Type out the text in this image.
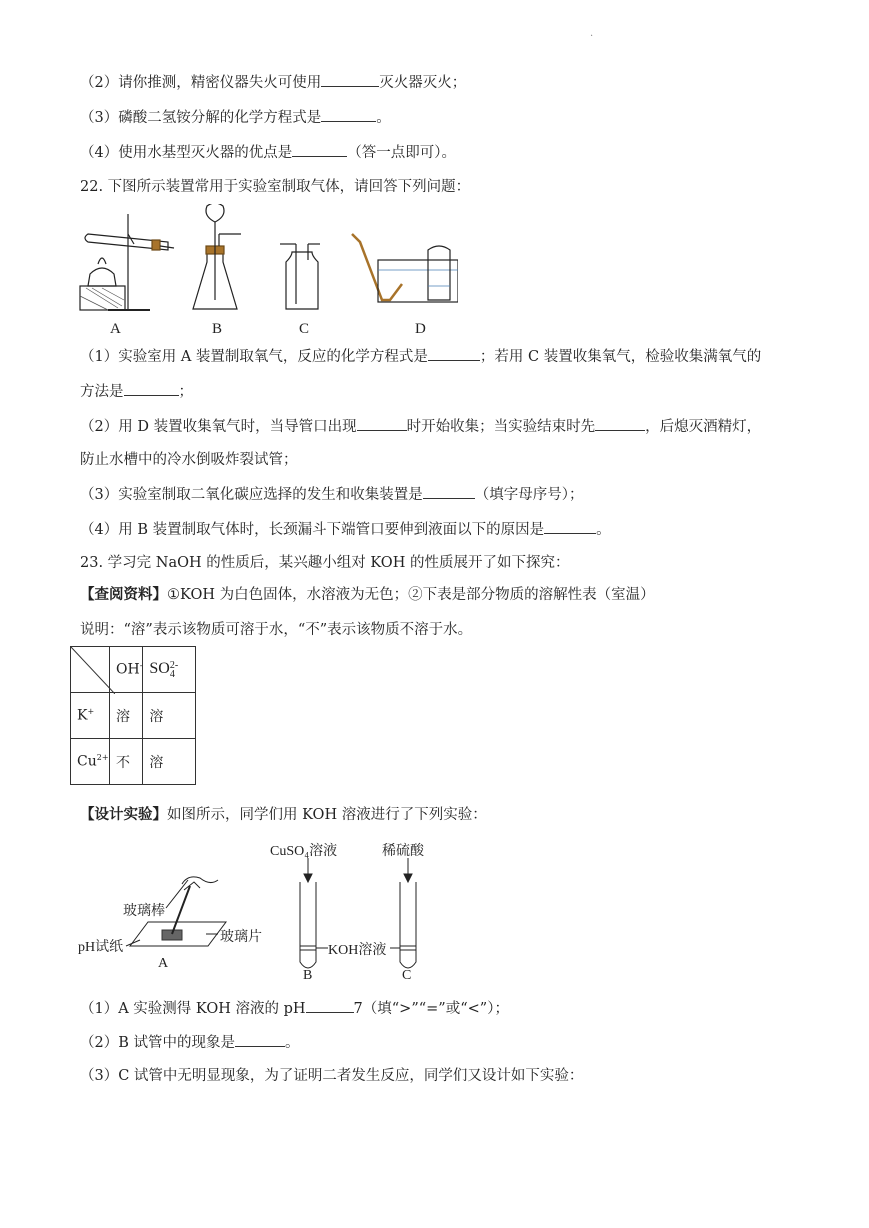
.
（2）请你推测，精密仪器失火可使用	灭火器灭火；
（3）磷酸二氢铵分解的化学方程式是	。
（4）使用水基型灭火器的优点是	（答一点即可）。
22. 下图所示装置常用于实验室制取气体，请回答下列问题：
A	B	C	D
（1）实验室用 A 装置制取氧气，反应的化学方程式是	；若用 C 装置收集氧气，检验收集满氧气的
方法是	；
（2）用 D 装置收集氧气时，当导管口出现	时开始收集；当实验结束时先	，后熄灭酒精灯，
防止水槽中的冷水倒吸炸裂试管；
（3）实验室制取二氧化碳应选择的发生和收集装置是	（填字母序号）；
（4）用 B 装置制取气体时，长颈漏斗下端管口要伸到液面以下的原因是	。
23. 学习完 NaOH 的性质后，某兴趣小组对 KOH 的性质展开了如下探究：
【查阅资料】①KOH 为白色固体，水溶液为无色；②下表是部分物质的溶解性表（室温）
说明：“溶”表示该物质可溶于水，“不”表示该物质不溶于水。
	OH-	SO 2-
4

K+	溶	溶
$Cu^{2+}$	不	溶
【设计实验】如图所示，同学们用 KOH 溶液进行了下列实验：
玻璃棒
pH试纸
玻璃片
A
CuSO₄溶液	稀硫酸
KOH溶液
B	C
（1）A 实验测得 KOH 溶液的 pH	7（填“>”“=”或“<”）；
（2）B 试管中的现象是	。
（3）C 试管中无明显现象，为了证明二者发生反应，同学们又设计如下实验：
